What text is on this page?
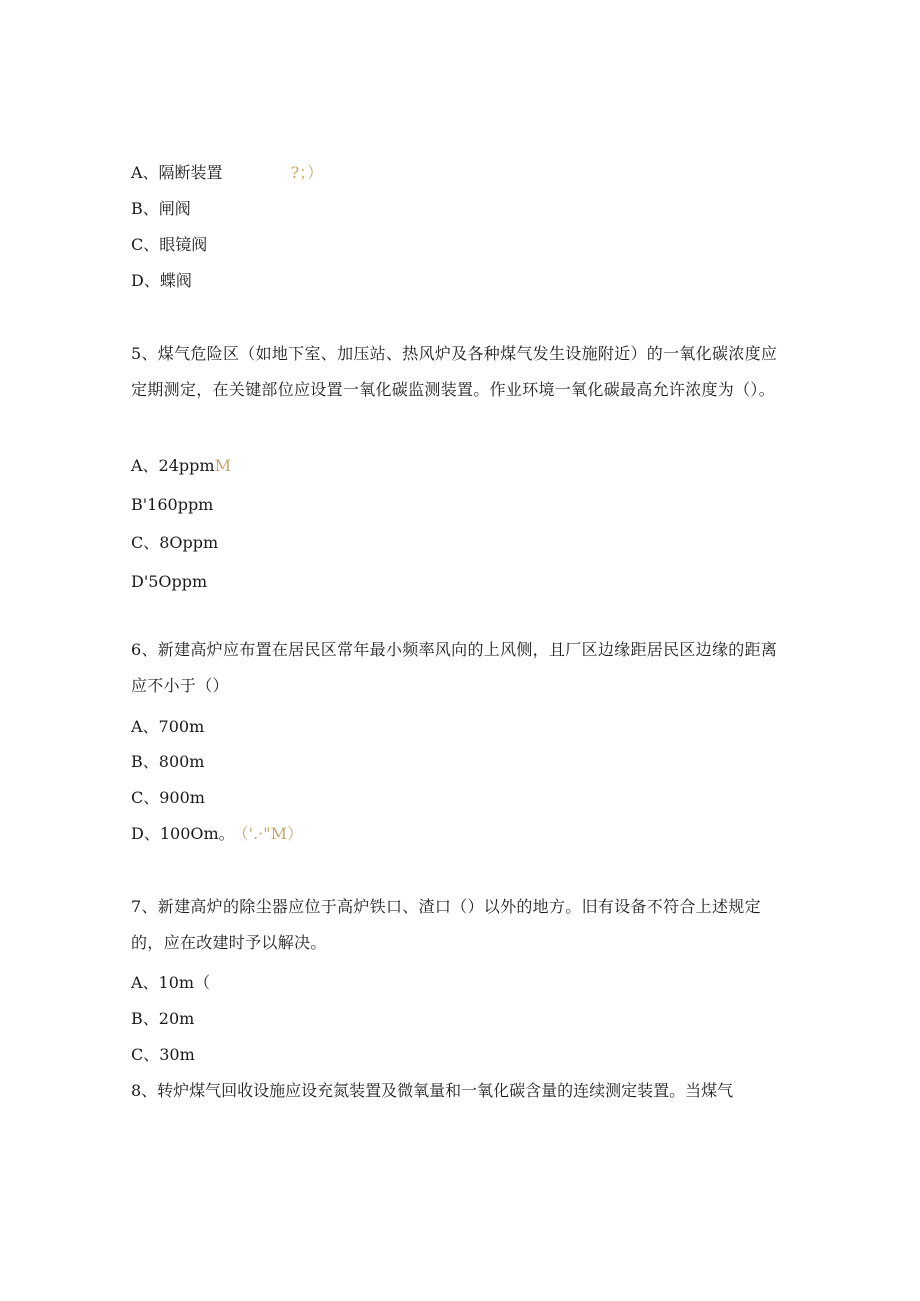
A、隔断装置	?；）
B、闸阀
C、眼镜阀
D、蝶阀
5、煤气危险区（如地下室、加压站、热风炉及各种煤气发生设施附近）的一氧化碳浓度应定期测定，在关键部位应设置一氧化碳监测装置。作业环境一氧化碳最高允许浓度为（）。
A、24ppmM
B'160ppm
C、8Oppm
D'5Oppm
6、新建高炉应布置在居民区常年最小频率风向的上风侧，且厂区边缘距居民区边缘的距离应不小于（）
A、700m
B、800m
C、900m
D、100Om。 （'.·"M）
7、新建高炉的除尘器应位于高炉铁口、渣口（）以外的地方。旧有设备不符合上述规定的，应在改建时予以解决。
A、10m（
B、20m
C、30m
8、转炉煤气回收设施应设充氮装置及微氧量和一氧化碳含量的连续测定装置。当煤气
